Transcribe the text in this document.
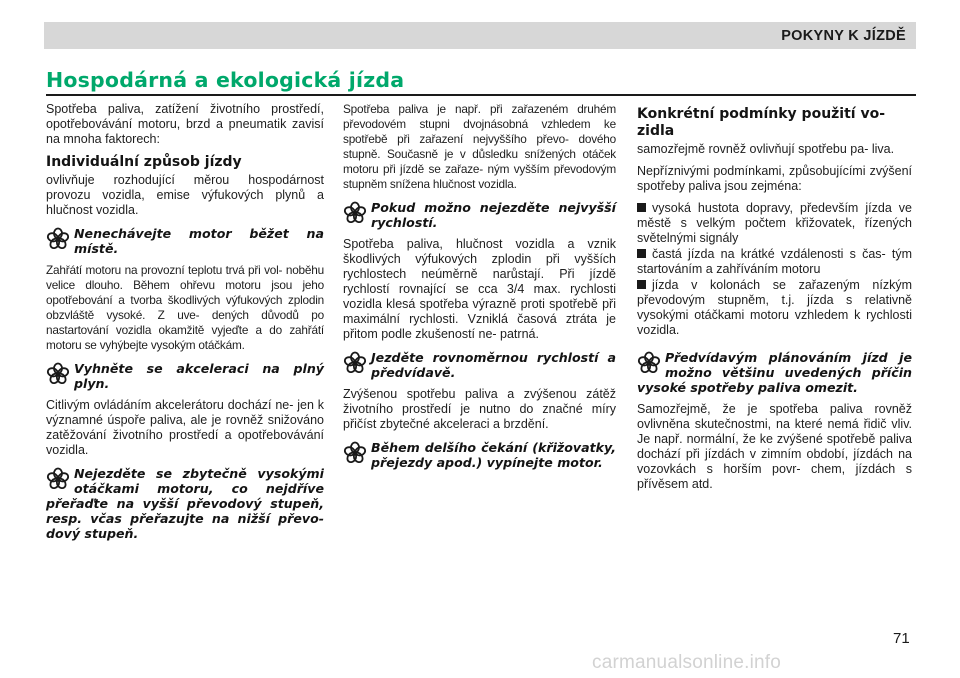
POKYNY K JÍZDĚ
Hospodárná a ekologická jízda

Spotřeba paliva, zatížení životního prostředí, opotřebovávání motoru, brzd a pneumatik zavisí na mnoha faktorech:

Individuální způsob jízdy

ovlivňuje rozhodující měrou hospodárnost provozu vozidla, emise výfukových plynů a hlučnost vozidla.

Nenechávejte motor běžet na místě.

Zahřátí motoru na provozní teplotu trvá při vol- noběhu velice dlouho. Během ohřevu motoru jsou jeho opotřebování a tvorba škodlivých výfukových zplodin obzvláště vysoké. Z uve- dených důvodů po nastartování vozidla okamžitě vyjeďte a do zahřátí motoru se vyhýbejte vysokým otáčkám.

Vyhněte se akceleraci na plný plyn.

Citlivým ovládáním akcelerátoru dochází ne- jen k významné úspoře paliva, ale je rovněž snižováno zatěžování životního prostředí a opotřebovávání vozidla.

Nejezděte se zbytečně vysokými otáčkami motoru, co nejdříve přeřaďte na vyšší převodový stupeň, resp. včas přeřazujte na nižší převo- dový stupeň.

Spotřeba paliva je např. při zařazeném druhém převodovém stupni dvojnásobná vzhledem ke spotřebě při zařazení nejvyššího převo- dového stupně. Současně je v důsledku snížených otáček motoru při jízdě se zařaze- ným vyšším převodovým stupněm snížena hlučnost vozidla.

Pokud možno nejezděte nejvyšší rychlostí.

Spotřeba paliva, hlučnost vozidla a vznik škodlivých výfukových zplodin při vyšších rychlostech neúměrně narůstají. Při jízdě rychlostí rovnající se cca 3/4 max. rychlosti vozidla klesá spotřeba výrazně proti spotřebě při maximální rychlosti. Vzniklá časová ztráta je přitom podle zkušeností ne- patrná.

Jezděte rovnoměrnou rychlostí a předvídavě.

Zvýšenou spotřebu paliva a zvýšenou zátěž životního prostředí je nutno do značné míry přičíst zbytečné akceleraci a brzdění.

Během delšího čekání (křižovatky, přejezdy apod.) vypínejte motor.
Konkrétní podmínky použití vo- zidla

samozřejmě rovněž ovlivňují spotřebu pa- liva.

Nepříznivými podmínkami, způsobujícími zvýšení spotřeby paliva jsou zejména:

vysoká hustota dopravy, především jízda ve městě s velkým počtem křižovatek, řízených světelnými signály
častá jízda na krátké vzdálenosti s čas- tým startováním a zahříváním motoru
jízda v kolonách se zařazeným nízkým převodovým stupněm, t.j. jízda s relativně vysokými otáčkami motoru vzhledem k rychlosti vozidla.
Předvídavým plánováním jízd je možno většinu uvedených příčin vysoké spotřeby paliva omezit.

Samozřejmě, že je spotřeba paliva rovněž ovlivněna skutečnostmi, na které nemá řidič vliv. Je např. normální, že ke zvýšené spotřebě paliva dochází při jízdách v zimním období, jízdách na vozovkách s horším povr- chem, jízdách s přívěsem atd.

71
carmanualsonline.info
